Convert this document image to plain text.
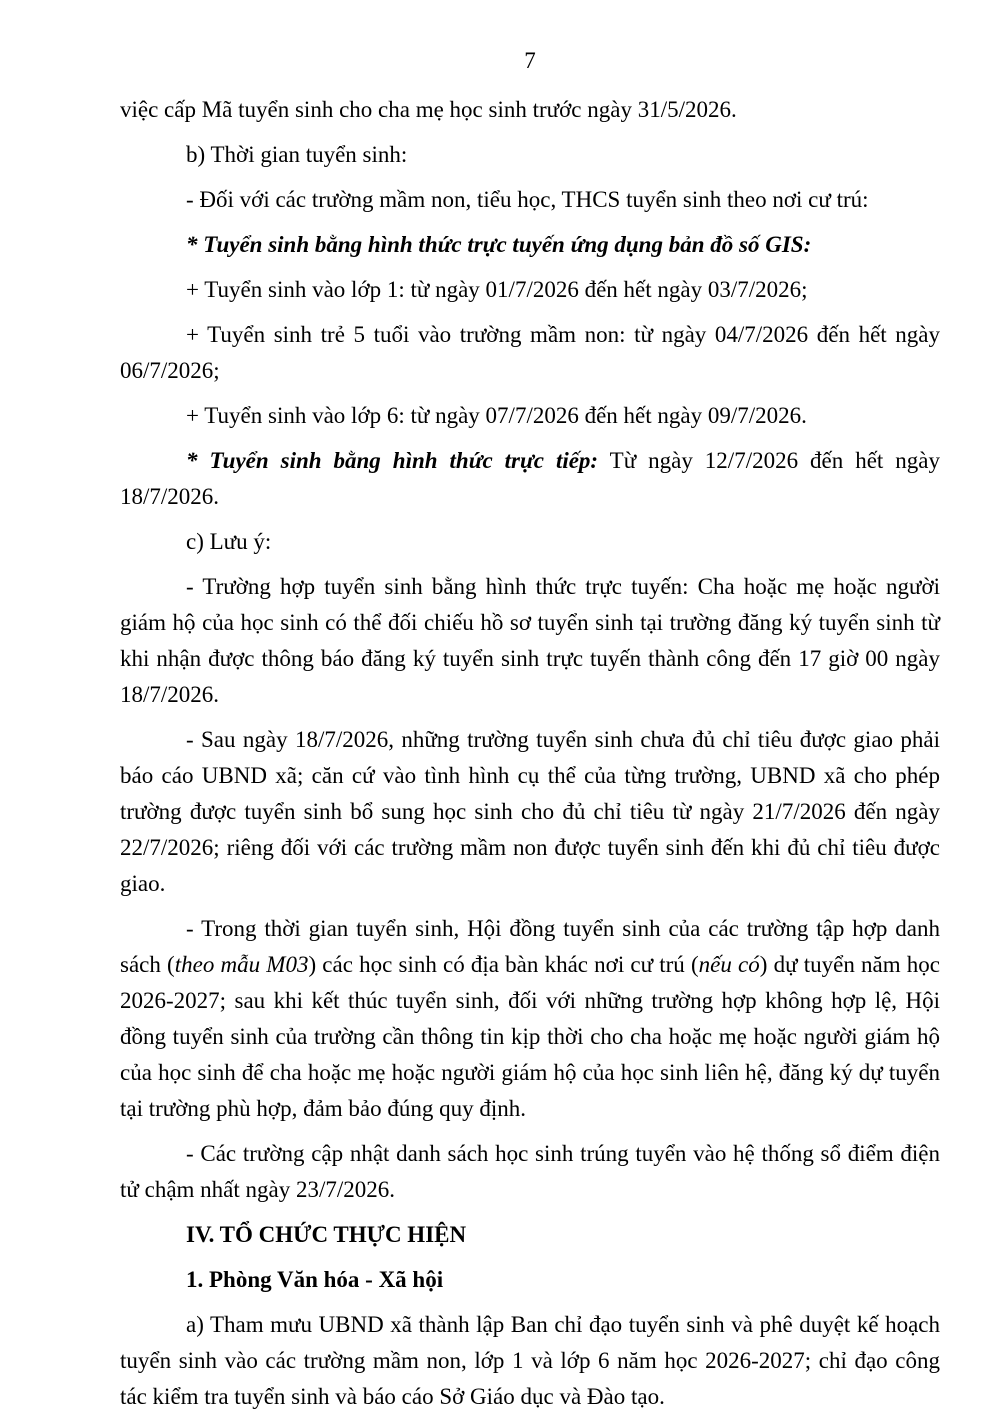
7

việc cấp Mã tuyển sinh cho cha mẹ học sinh trước ngày 31/5/2026.

b) Thời gian tuyển sinh:

- Đối với các trường mầm non, tiểu học, THCS tuyển sinh theo nơi cư trú:

* Tuyển sinh bằng hình thức trực tuyến ứng dụng bản đồ số GIS:

+ Tuyển sinh vào lớp 1: từ ngày 01/7/2026 đến hết ngày 03/7/2026;

+ Tuyển sinh trẻ 5 tuổi vào trường mầm non: từ ngày 04/7/2026 đến hết ngày 06/7/2026;

+ Tuyển sinh vào lớp 6: từ ngày 07/7/2026 đến hết ngày 09/7/2026.

* Tuyển sinh bằng hình thức trực tiếp: Từ ngày 12/7/2026 đến hết ngày 18/7/2026.

c) Lưu ý:

- Trường hợp tuyển sinh bằng hình thức trực tuyến: Cha hoặc mẹ hoặc người giám hộ của học sinh có thể đối chiếu hồ sơ tuyển sinh tại trường đăng ký tuyển sinh từ khi nhận được thông báo đăng ký tuyển sinh trực tuyến thành công đến 17 giờ 00 ngày 18/7/2026.

- Sau ngày 18/7/2026, những trường tuyển sinh chưa đủ chỉ tiêu được giao phải báo cáo UBND xã; căn cứ vào tình hình cụ thể của từng trường, UBND xã cho phép trường được tuyển sinh bổ sung học sinh cho đủ chỉ tiêu từ ngày 21/7/2026 đến ngày 22/7/2026; riêng đối với các trường mầm non được tuyển sinh đến khi đủ chỉ tiêu được giao.

- Trong thời gian tuyển sinh, Hội đồng tuyển sinh của các trường tập hợp danh sách (theo mẫu M03) các học sinh có địa bàn khác nơi cư trú (nếu có) dự tuyển năm học 2026-2027; sau khi kết thúc tuyển sinh, đối với những trường hợp không hợp lệ, Hội đồng tuyển sinh của trường cần thông tin kịp thời cho cha hoặc mẹ hoặc người giám hộ của học sinh để cha hoặc mẹ hoặc người giám hộ của học sinh liên hệ, đăng ký dự tuyển tại trường phù hợp, đảm bảo đúng quy định.

- Các trường cập nhật danh sách học sinh trúng tuyển vào hệ thống sổ điểm điện tử chậm nhất ngày 23/7/2026.

IV. TỔ CHỨC THỰC HIỆN

1. Phòng Văn hóa - Xã hội

a) Tham mưu UBND xã thành lập Ban chỉ đạo tuyển sinh và phê duyệt kế hoạch tuyển sinh vào các trường mầm non, lớp 1 và lớp 6 năm học 2026-2027; chỉ đạo công tác kiểm tra tuyển sinh và báo cáo Sở Giáo dục và Đào tạo.
